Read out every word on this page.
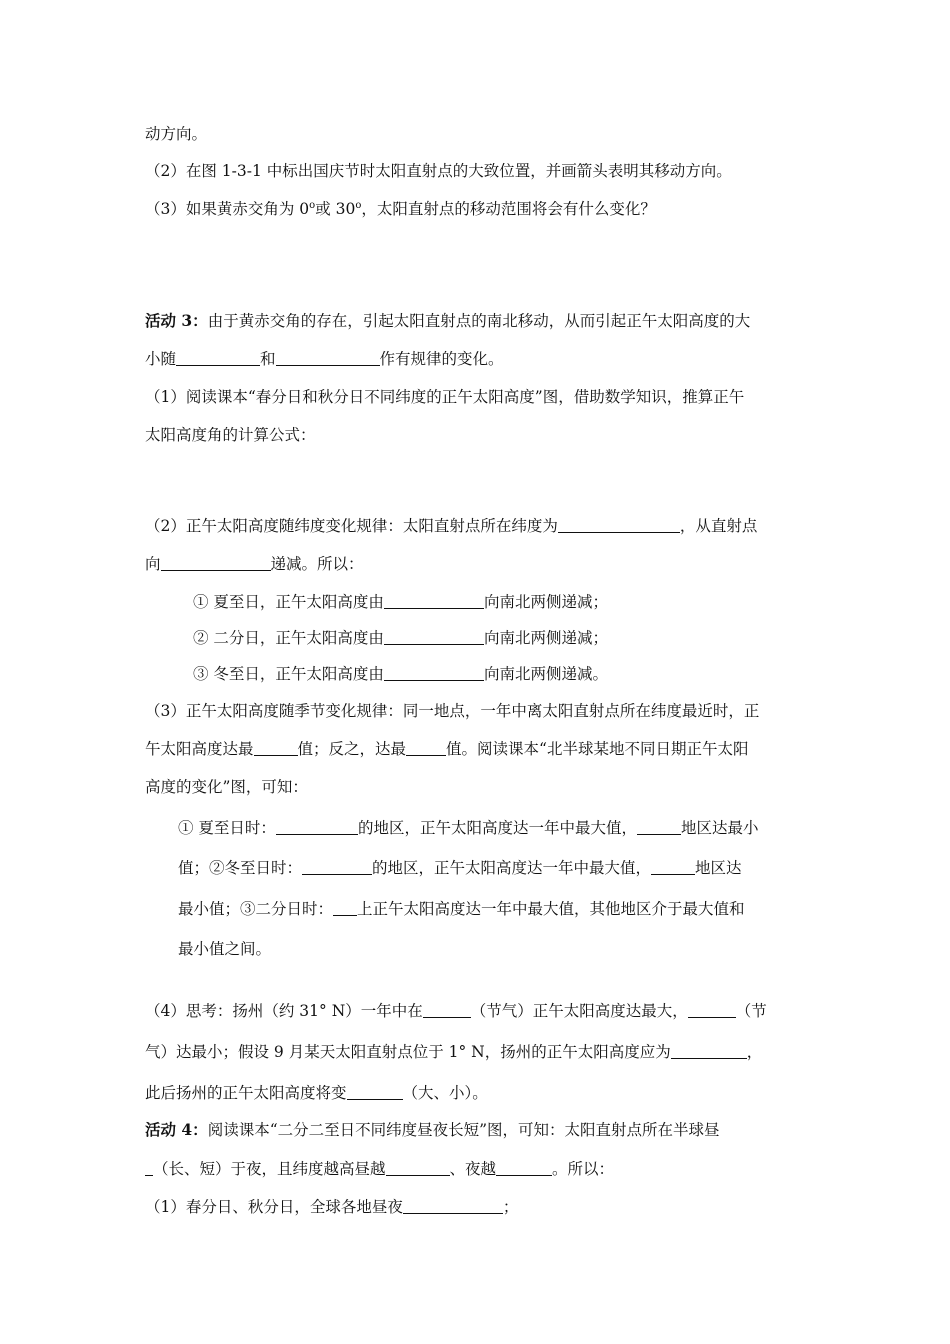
动方向。
（2）在图 1-3-1 中标出国庆节时太阳直射点的大致位置，并画箭头表明其移动方向。
（3）如果黄赤交角为 0$^o$或 30$^o$，太阳直射点的移动范围将会有什么变化？
活动 3：由于黄赤交角的存在，引起太阳直射点的南北移动，从而引起正午太阳高度的大
小随	和	作有规律的变化。
（1）阅读课本“春分日和秋分日不同纬度的正午太阳高度”图，借助数学知识，推算正午
太阳高度角的计算公式：
（2）正午太阳高度随纬度变化规律：太阳直射点所在纬度为	，从直射点
向	递减。所以：
① 夏至日，正午太阳高度由	向南北两侧递减；
② 二分日，正午太阳高度由	向南北两侧递减；
③ 冬至日，正午太阳高度由	向南北两侧递减。
（3）正午太阳高度随季节变化规律：同一地点，一年中离太阳直射点所在纬度最近时，正
午太阳高度达最	值；反之，达最	值。阅读课本“北半球某地不同日期正午太阳
高度的变化”图，可知：
① 夏至日时：	的地区，正午太阳高度达一年中最大值，	地区达最小
值；②冬至日时：	的地区，正午太阳高度达一年中最大值，	地区达
最小值；③二分日时： 上正午太阳高度达一年中最大值，其他地区介于最大值和
最小值之间。
（4）思考：扬州（约 31° N）一年中在	（节气）正午太阳高度达最大，	（节
气）达最小；假设 9 月某天太阳直射点位于 1° N，扬州的正午太阳高度应为	，
此后扬州的正午太阳高度将变	（大、小）。
活动 4：阅读课本“二分二至日不同纬度昼夜长短”图，可知：太阳直射点所在半球昼
（长、短）于夜，且纬度越高昼越	、夜越	。所以：
（1）春分日、秋分日，全球各地昼夜	；
